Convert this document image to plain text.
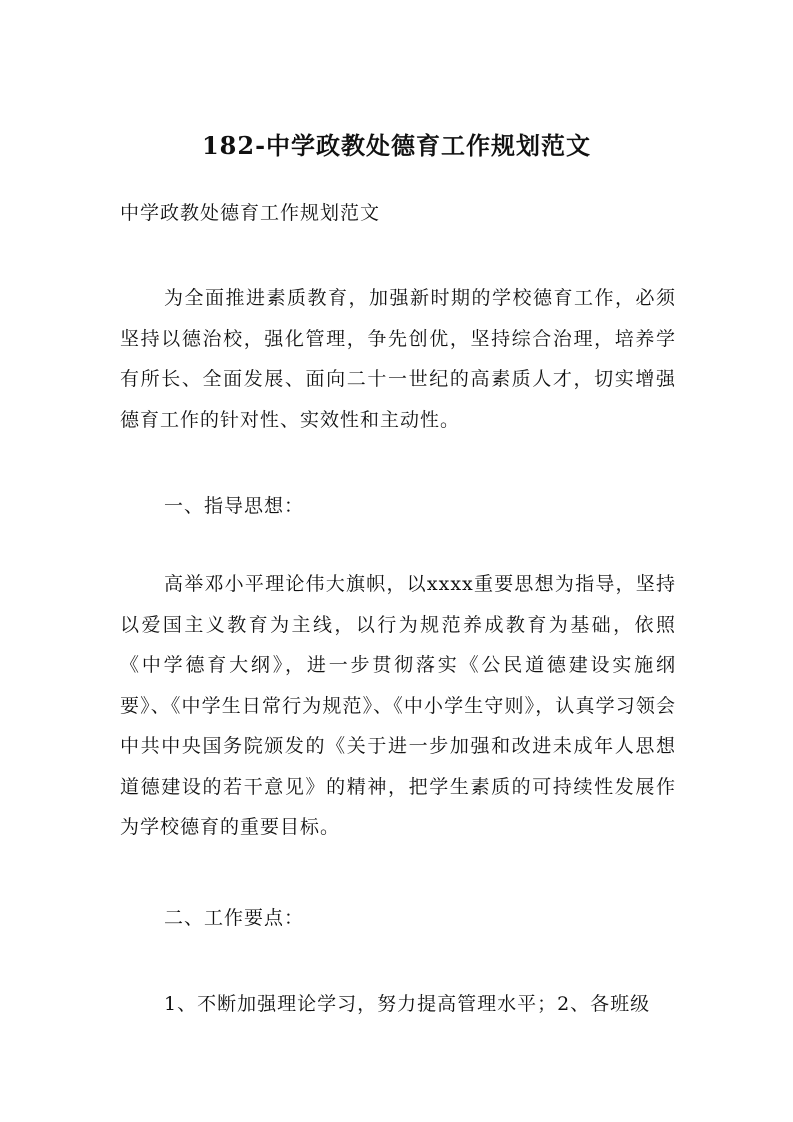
182-中学政教处德育工作规划范文

中学政教处德育工作规划范文

为全面推进素质教育，加强新时期的学校德育工作，必须坚持以德治校，强化管理，争先创优，坚持综合治理，培养学有所长、全面发展、面向二十一世纪的高素质人才，切实增强德育工作的针对性、实效性和主动性。

一、指导思想：

高举邓小平理论伟大旗帜，以xxxx重要思想为指导，坚持以爱国主义教育为主线，以行为规范养成教育为基础，依照《中学德育大纲》，进一步贯彻落实《公民道德建设实施纲要》、《中学生日常行为规范》、《中小学生守则》，认真学习领会中共中央国务院颁发的《关于进一步加强和改进未成年人思想道德建设的若干意见》的精神，把学生素质的可持续性发展作为学校德育的重要目标。

二、工作要点：

1、不断加强理论学习，努力提高管理水平；2、各班级
